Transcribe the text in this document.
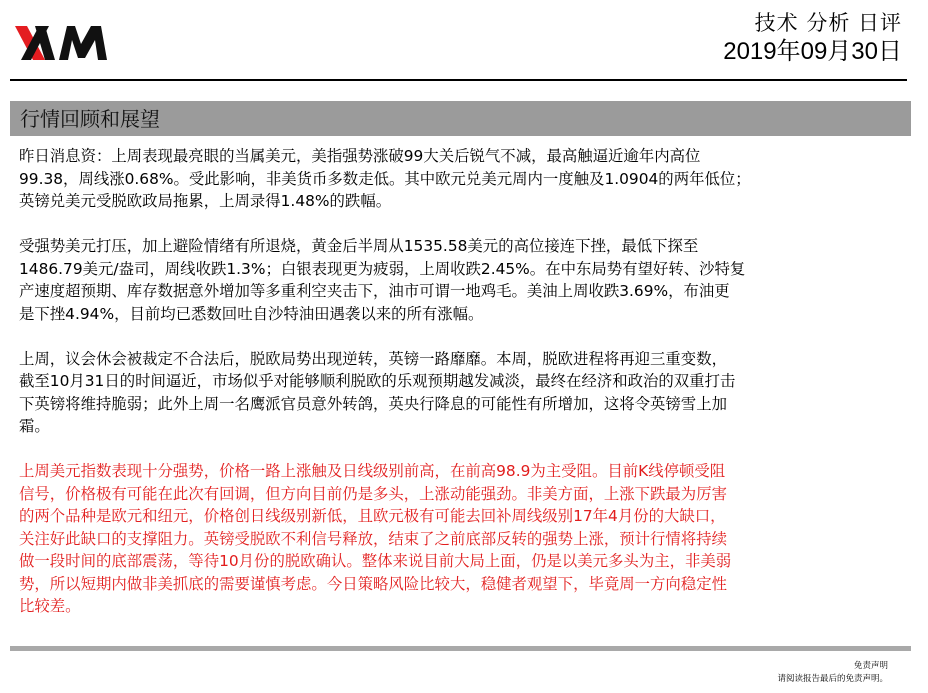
技术 分析 日评
2019年09月30日
行情回顾和展望

昨日消息资：上周表现最亮眼的当属美元，美指强势涨破99大关后锐气不减，最高触逼近逾年内高位
99.38，周线涨0.68%。受此影响，非美货币多数走低。其中欧元兑美元周内一度触及1.0904的两年低位；
英镑兑美元受脱欧政局拖累，上周录得1.48%的跌幅。

受强势美元打压，加上避险情绪有所退烧，黄金后半周从1535.58美元的高位接连下挫，最低下探至
1486.79美元/盎司，周线收跌1.3%；白银表现更为疲弱，上周收跌2.45%。在中东局势有望好转、沙特复
产速度超预期、库存数据意外增加等多重利空夹击下，油市可谓一地鸡毛。美油上周收跌3.69%，布油更
是下挫4.94%，目前均已悉数回吐自沙特油田遇袭以来的所有涨幅。

上周，议会休会被裁定不合法后，脱欧局势出现逆转，英镑一路靡靡。本周，脱欧进程将再迎三重变数，
截至10月31日的时间逼近，市场似乎对能够顺利脱欧的乐观预期越发减淡，最终在经济和政治的双重打击
下英镑将维持脆弱；此外上周一名鹰派官员意外转鸽，英央行降息的可能性有所增加，这将令英镑雪上加
霜。

上周美元指数表现十分强势，价格一路上涨触及日线级别前高，在前高98.9为主受阻。目前K线停顿受阻
信号，价格极有可能在此次有回调，但方向目前仍是多头，上涨动能强劲。非美方面，上涨下跌最为厉害
的两个品种是欧元和纽元，价格创日线级别新低，且欧元极有可能去回补周线级别17年4月份的大缺口，
关注好此缺口的支撑阻力。英镑受脱欧不利信号释放，结束了之前底部反转的强势上涨，预计行情将持续
做一段时间的底部震荡，等待10月份的脱欧确认。整体来说目前大局上面，仍是以美元多头为主，非美弱
势，所以短期内做非美抓底的需要谨慎考虑。今日策略风险比较大，稳健者观望下，毕竟周一方向稳定性
比较差。

免责声明
请阅读报告最后的免责声明。
